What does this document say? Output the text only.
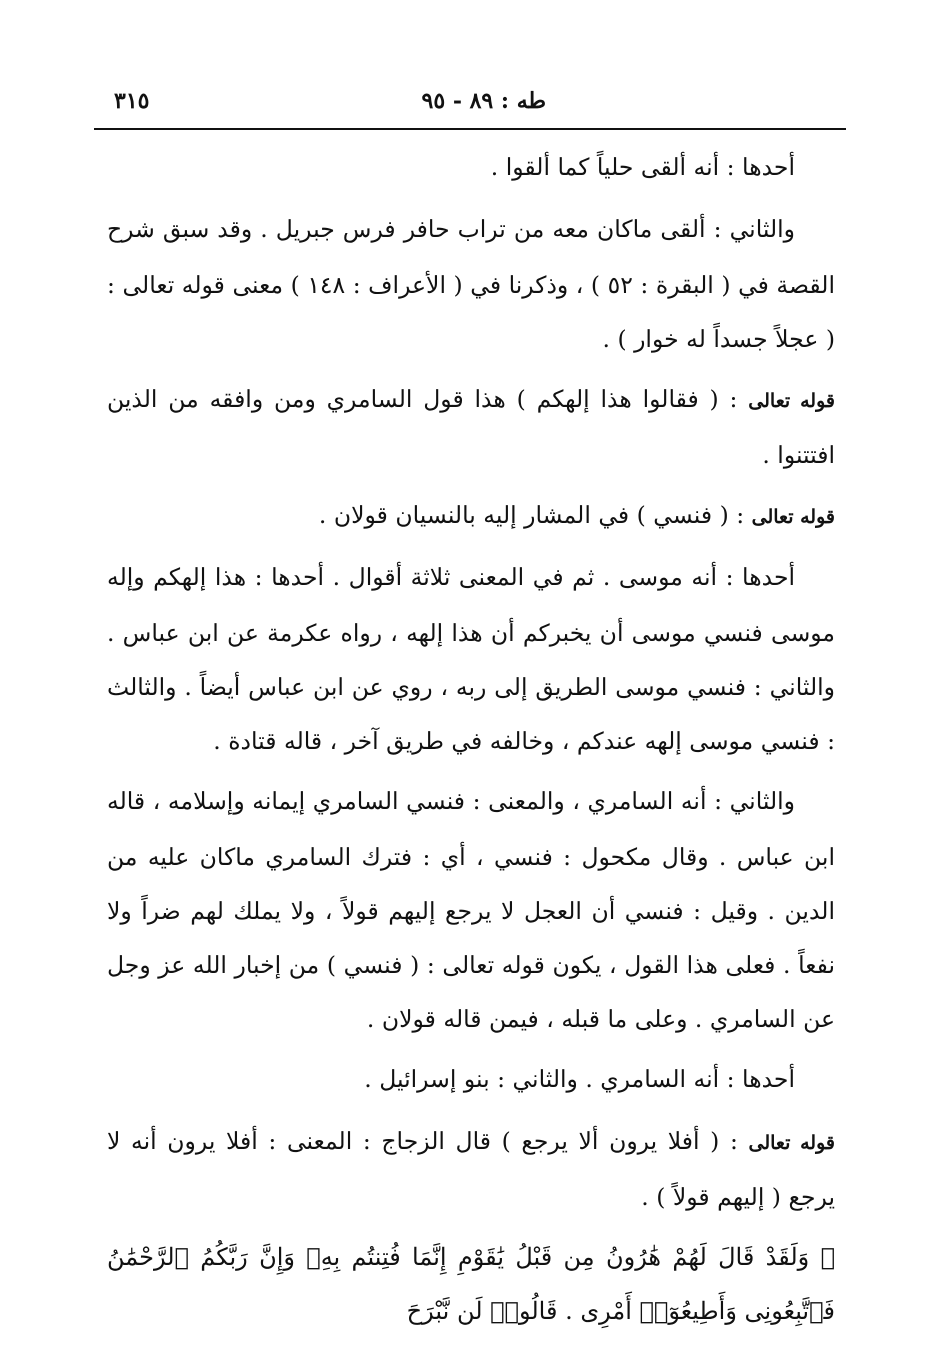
طه : ٨٩ - ٩٥
٣١٥

أحدها : أنه ألقى حلياً كما ألقوا .

والثاني : ألقى ماكان معه من تراب حافر فرس جبريل . وقد سبق شرح القصة في ( البقرة : ٥٢ ) ، وذكرنا في ( الأعراف : ١٤٨ ) معنى قوله تعالى : ( عجلاً جسداً له خوار ) .

قوله تعالى : ( فقالوا هذا إلهكم ) هذا قول السامري ومن وافقه من الذين افتتنوا .

قوله تعالى : ( فنسي ) في المشار إليه بالنسيان قولان .

أحدها : أنه موسى . ثم في المعنى ثلاثة أقوال . أحدها : هذا إلهكم وإله موسى فنسي موسى أن يخبركم أن هذا إلهه ، رواه عكرمة عن ابن عباس . والثاني : فنسي موسى الطريق إلى ربه ، روي عن ابن عباس أيضاً . والثالث : فنسي موسى إلهه عندكم ، وخالفه في طريق آخر ، قاله قتادة .

والثاني : أنه السامري ، والمعنى : فنسي السامري إيمانه وإسلامه ، قاله ابن عباس . وقال مكحول : فنسي ، أي : فترك السامري ماكان عليه من الدين . وقيل : فنسي أن العجل لا يرجع إليهم قولاً ، ولا يملك لهم ضراً ولا نفعاً . فعلى هذا القول ، يكون قوله تعالى : ( فنسي ) من إخبار الله عز وجل عن السامري . وعلى ما قبله ، فيمن قاله قولان .

أحدها : أنه السامري . والثاني : بنو إسرائيل .

قوله تعالى : ( أفلا يرون ألا يرجع ) قال الزجاج : المعنى : أفلا يرون أنه لا يرجع ( إليهم قولاً ) .

﴿ وَلَقَدْ قَالَ لَهُمْ هَٰرُونُ مِن قَبْلُ يَٰقَوْمِ إِنَّمَا فُتِنتُم بِهِۦ وَإِنَّ رَبَّكُمُ ٱلرَّحْمَٰنُ فَٱتَّبِعُونِى وَأَطِيعُوٓا۟ أَمْرِى . قَالُوا۟ لَن نَّبْرَحَ
